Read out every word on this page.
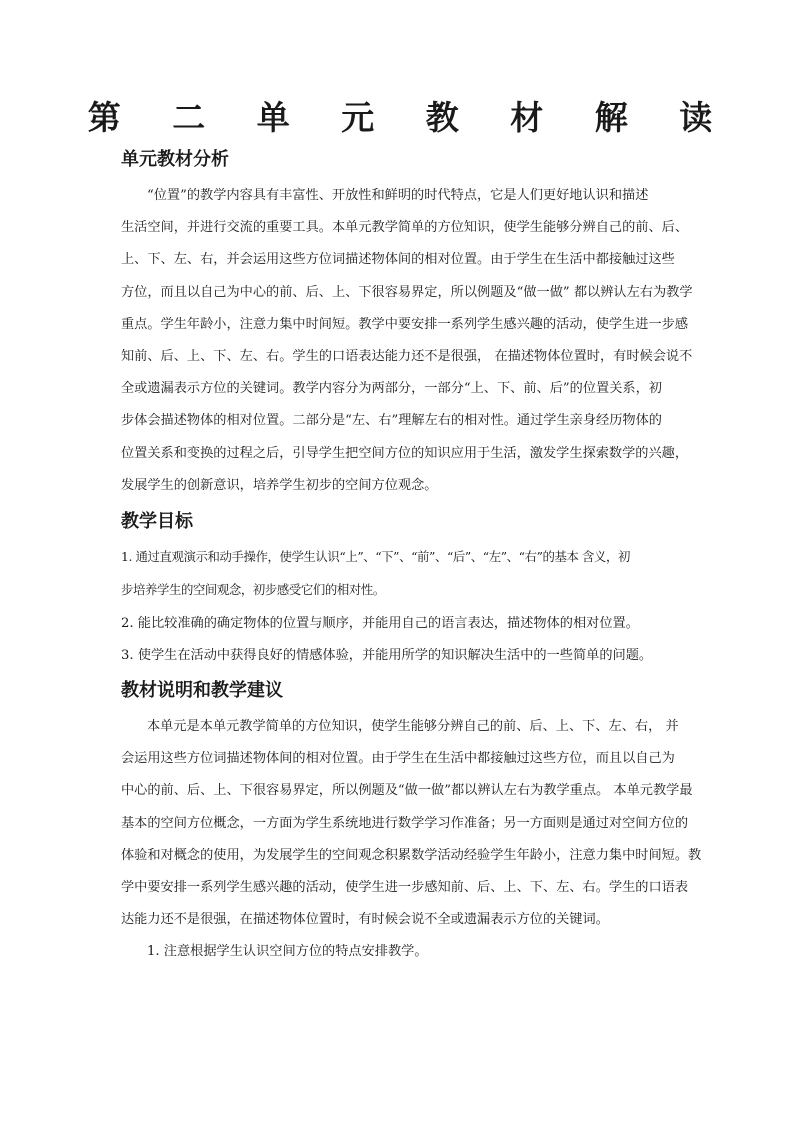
第 二 单 元 教 材 解 读
单元教材分析
“位置”的教学内容具有丰富性、开放性和鲜明的时代特点，它是人们更好地认识和描述
生活空间，并进行交流的重要工具。本单元教学简单的方位知识，使学生能够分辨自己的前、后、
上、下、左、右，并会运用这些方位词描述物体间的相对位置。由于学生在生活中都接触过这些
方位，而且以自己为中心的前、后、上、下很容易界定，所以例题及“做一做” 都以辨认左右为教学
重点。学生年龄小，注意力集中时间短。教学中要安排一系列学生感兴趣的活动，使学生进一步感
知前、后、上、下、左、右。学生的口语表达能力还不是很强， 在描述物体位置时，有时候会说不
全或遗漏表示方位的关键词。教学内容分为两部分，一部分“上、下、前、后”的位置关系，初
步体会描述物体的相对位置。二部分是“左、右”理解左右的相对性。通过学生亲身经历物体的
位置关系和变换的过程之后，引导学生把空间方位的知识应用于生活，激发学生探索数学的兴趣，
发展学生的创新意识，培养学生初步的空间方位观念。
教学目标
1. 通过直观演示和动手操作，使学生认识“上”、“下”、“前”、“后”、“左”、“右”的基本 含义，初
步培养学生的空间观念，初步感受它们的相对性。
2. 能比较准确的确定物体的位置与顺序，并能用自己的语言表达，描述物体的相对位置。
3. 使学生在活动中获得良好的情感体验，并能用所学的知识解决生活中的一些简单的问题。
教材说明和教学建议
本单元是本单元教学简单的方位知识，使学生能够分辨自己的前、后、上、下、左、右， 并
会运用这些方位词描述物体间的相对位置。由于学生在生活中都接触过这些方位，而且以自己为
中心的前、后、上、下很容易界定，所以例题及“做一做”都以辨认左右为教学重点。 本单元教学最
基本的空间方位概念，一方面为学生系统地进行数学学习作准备；另一方面则是通过对空间方位的
体验和对概念的使用，为发展学生的空间观念积累数学活动经验学生年龄小，注意力集中时间短。教
学中要安排一系列学生感兴趣的活动，使学生进一步感知前、后、上、下、左、右。学生的口语表
达能力还不是很强，在描述物体位置时，有时候会说不全或遗漏表示方位的关键词。
1. 注意根据学生认识空间方位的特点安排教学。
